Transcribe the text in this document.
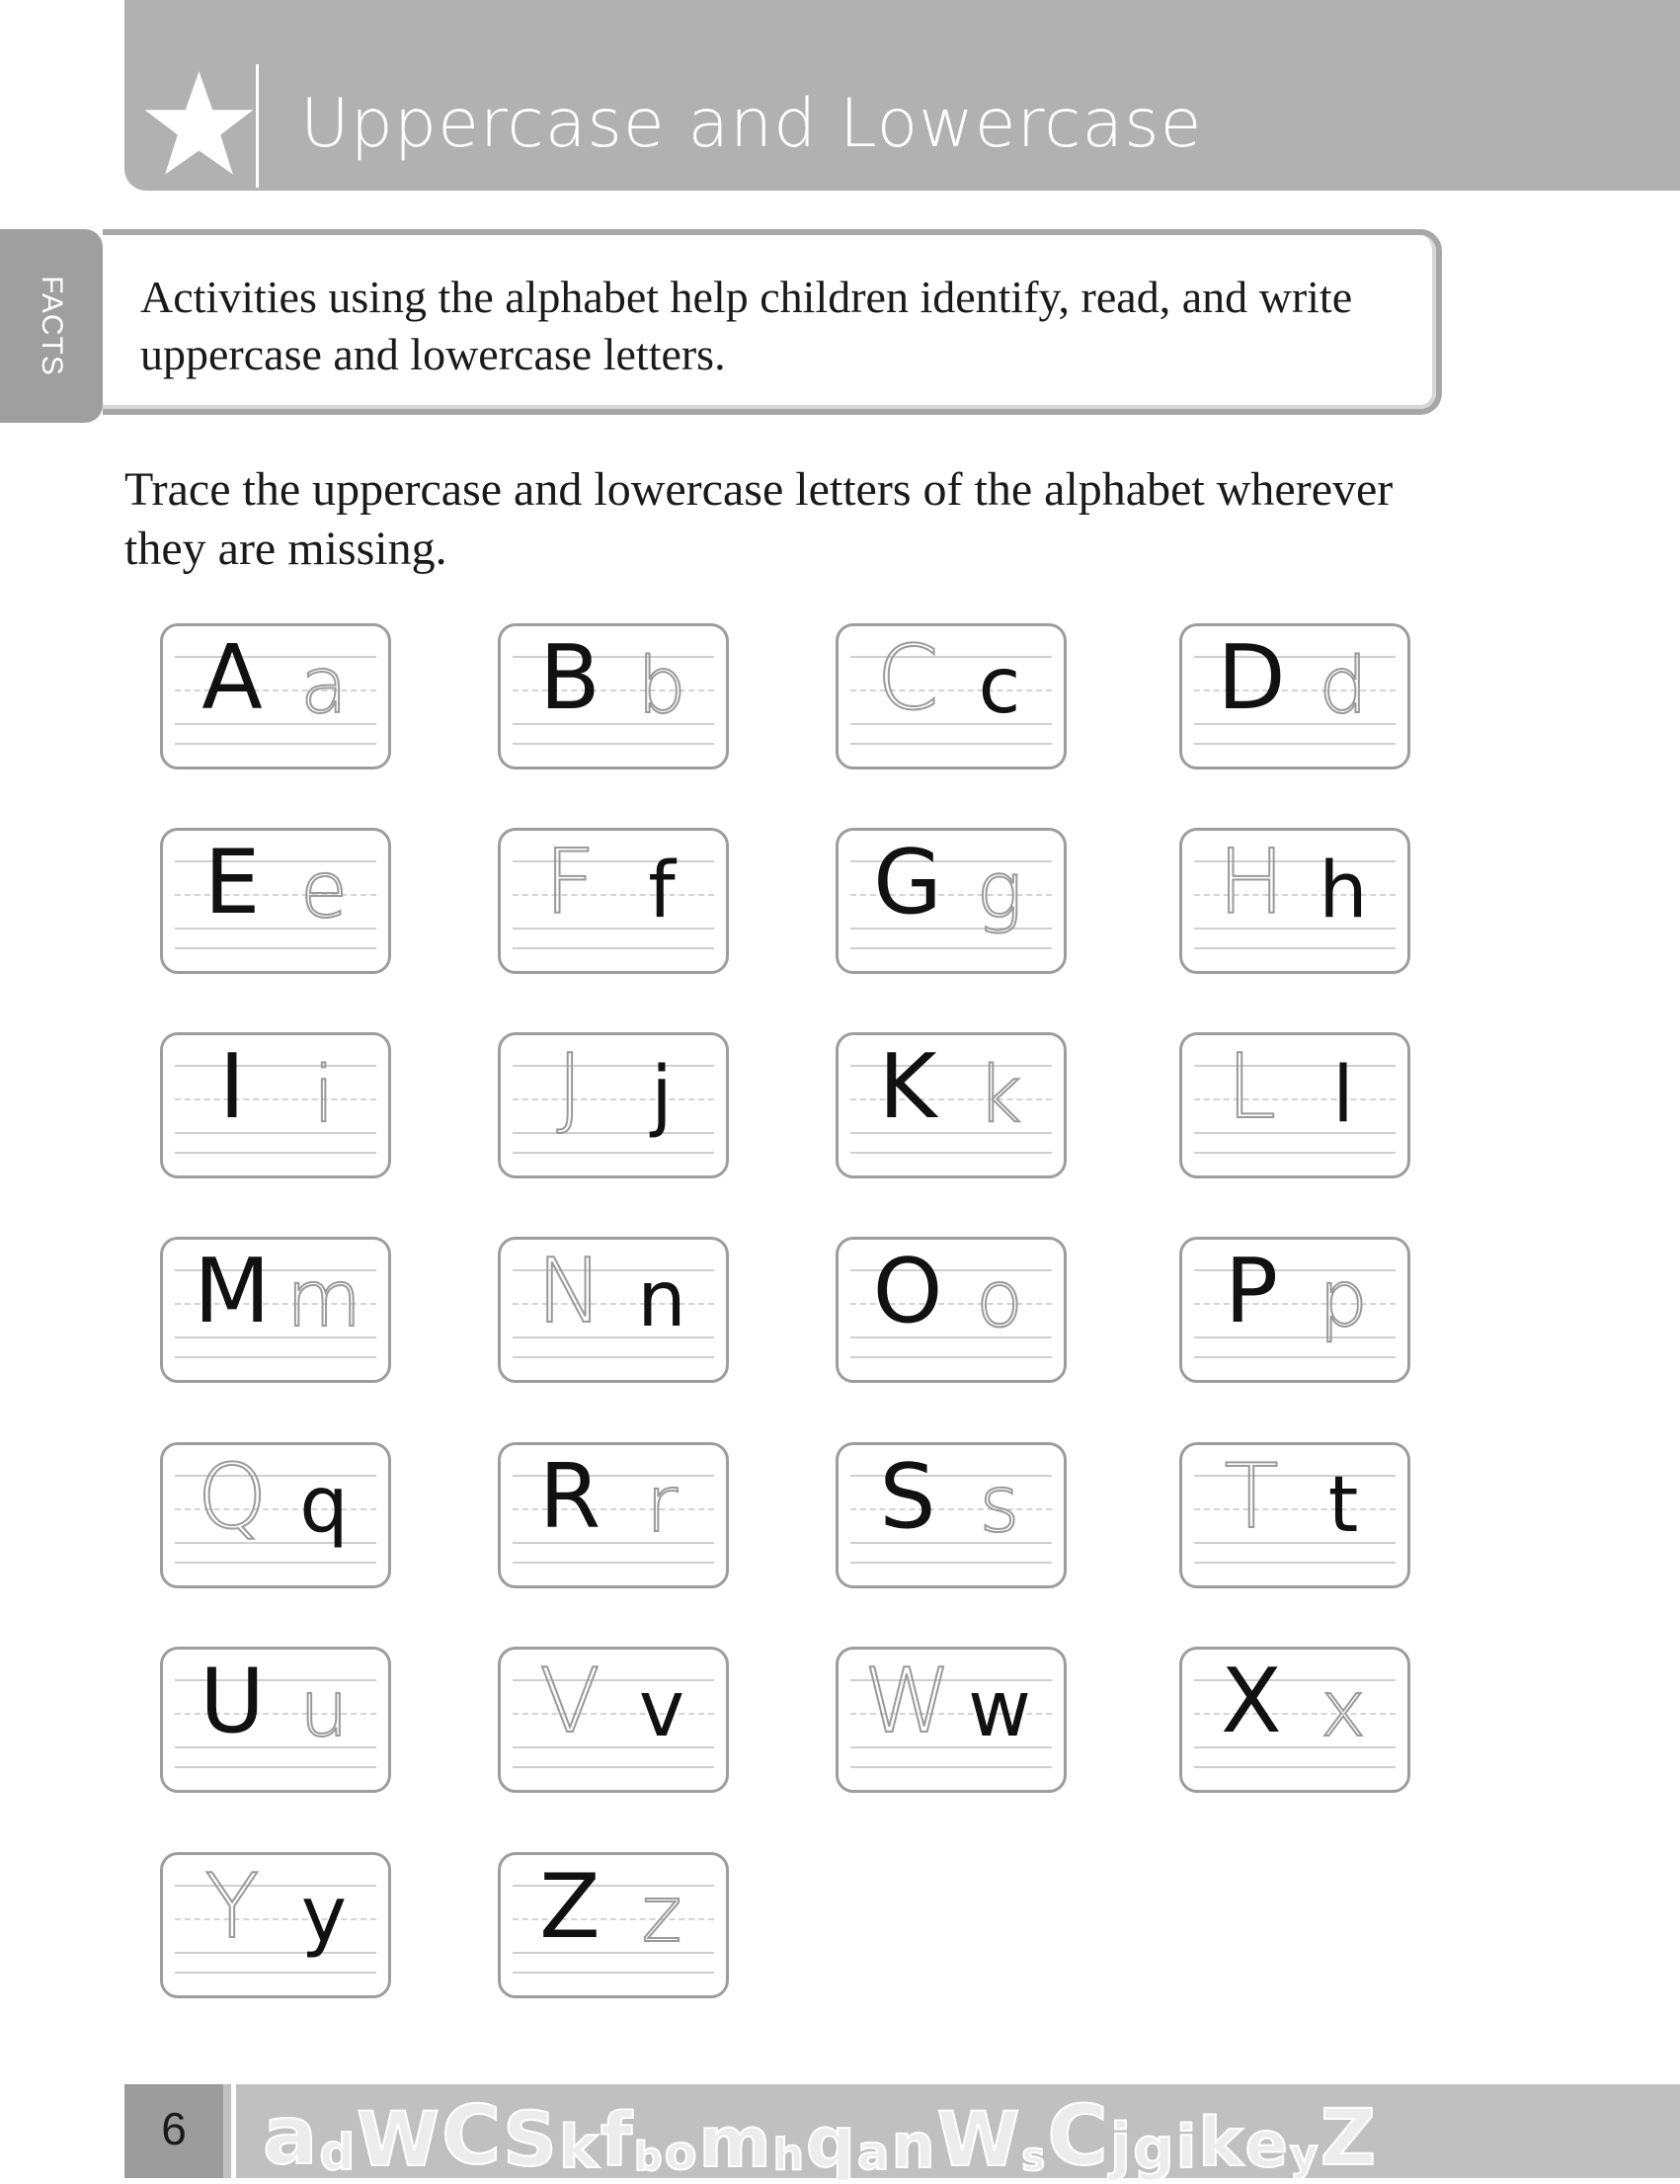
Uppercase and Lowercase
FACTS Activities using the alphabet help children identify, read, and write uppercase and lowercase letters.
Trace the uppercase and lowercase letters of the alphabet wherever they are missing.
A a B b C c D d
E e F f	G g H h
I i	J j	K k L l
M m N n O o P p
Q q R r	S s T t
U u V v W w X x
Y y Z z
6 a d W C S k f b o m h q a n W s C j g i k e y Z
